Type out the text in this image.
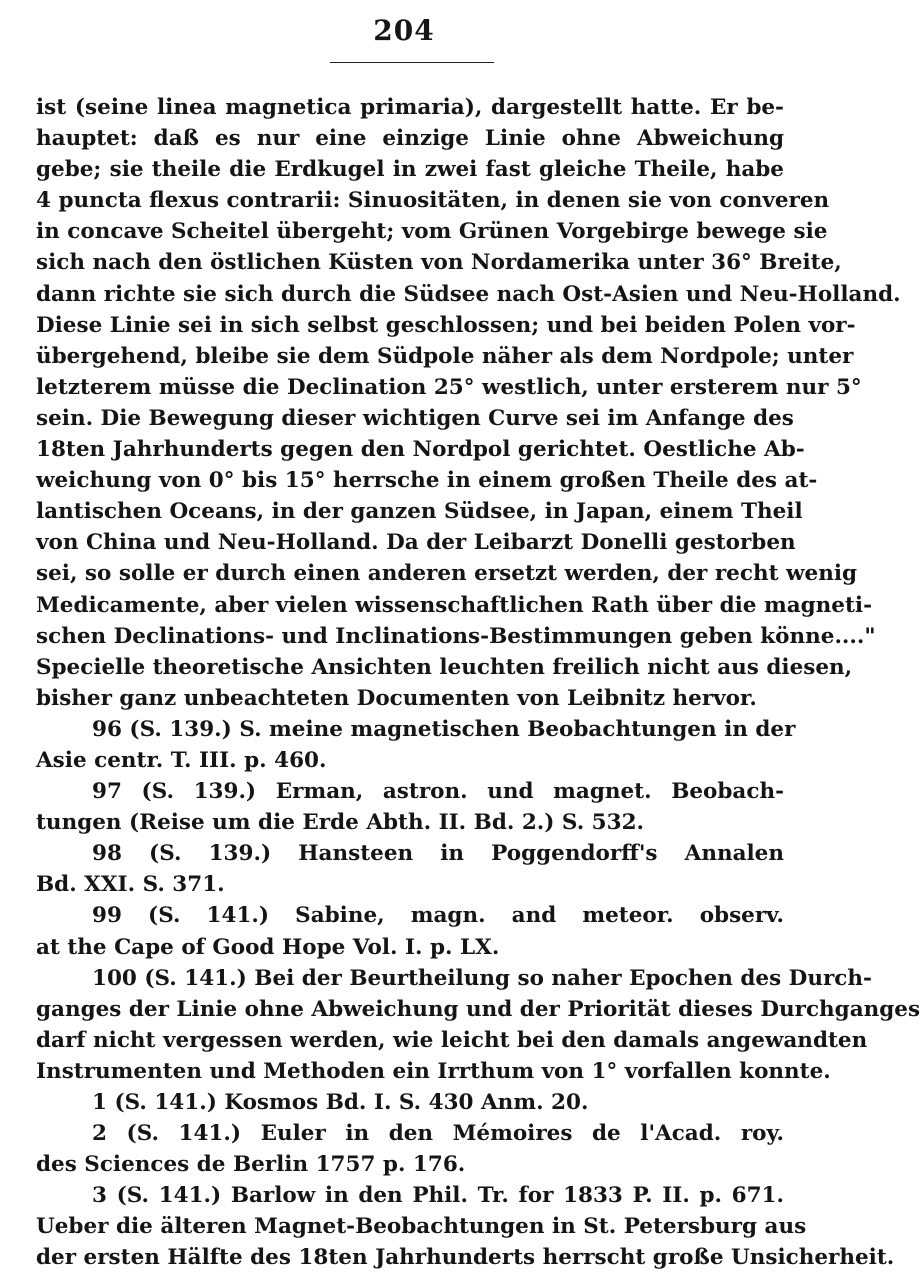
204
ist (seine linea magnetica primaria), dargestellt hatte. Er be-
hauptet: daß es nur eine einzige Linie ohne Abweichung
gebe; sie theile die Erdkugel in zwei fast gleiche Theile, habe
4 puncta flexus contrarii: Sinuositäten, in denen sie von converen
in concave Scheitel übergeht; vom Grünen Vorgebirge bewege sie
sich nach den östlichen Küsten von Nordamerika unter 36° Breite,
dann richte sie sich durch die Südsee nach Ost-Asien und Neu-Holland.
Diese Linie sei in sich selbst geschlossen; und bei beiden Polen vor-
übergehend, bleibe sie dem Südpole näher als dem Nordpole; unter
letzterem müsse die Declination 25° westlich, unter ersterem nur 5°
sein. Die Bewegung dieser wichtigen Curve sei im Anfange des
18ten Jahrhunderts gegen den Nordpol gerichtet. Oestliche Ab-
weichung von 0° bis 15° herrsche in einem großen Theile des at-
lantischen Oceans, in der ganzen Südsee, in Japan, einem Theil
von China und Neu-Holland. Da der Leibarzt Donelli gestorben
sei, so solle er durch einen anderen ersetzt werden, der recht wenig
Medicamente, aber vielen wissenschaftlichen Rath über die magneti-
schen Declinations- und Inclinations-Bestimmungen geben könne...."
Specielle theoretische Ansichten leuchten freilich nicht aus diesen,
bisher ganz unbeachteten Documenten von Leibnitz hervor.
96 (S. 139.) S. meine magnetischen Beobachtungen in der
Asie centr. T. III. p. 460.
97 (S. 139.) Erman, astron. und magnet. Beobach-
tungen (Reise um die Erde Abth. II. Bd. 2.) S. 532.
98 (S. 139.) Hansteen in Poggendorff's Annalen
Bd. XXI. S. 371.
99 (S. 141.) Sabine, magn. and meteor. observ.
at the Cape of Good Hope Vol. I. p. LX.
100 (S. 141.) Bei der Beurtheilung so naher Epochen des Durch-
ganges der Linie ohne Abweichung und der Priorität dieses Durchganges
darf nicht vergessen werden, wie leicht bei den damals angewandten
Instrumenten und Methoden ein Irrthum von 1° vorfallen konnte.
1 (S. 141.) Kosmos Bd. I. S. 430 Anm. 20.
2 (S. 141.) Euler in den Mémoires de l'Acad. roy.
des Sciences de Berlin 1757 p. 176.
3 (S. 141.) Barlow in den Phil. Tr. for 1833 P. II. p. 671.
Ueber die älteren Magnet-Beobachtungen in St. Petersburg aus
der ersten Hälfte des 18ten Jahrhunderts herrscht große Unsicherheit.
